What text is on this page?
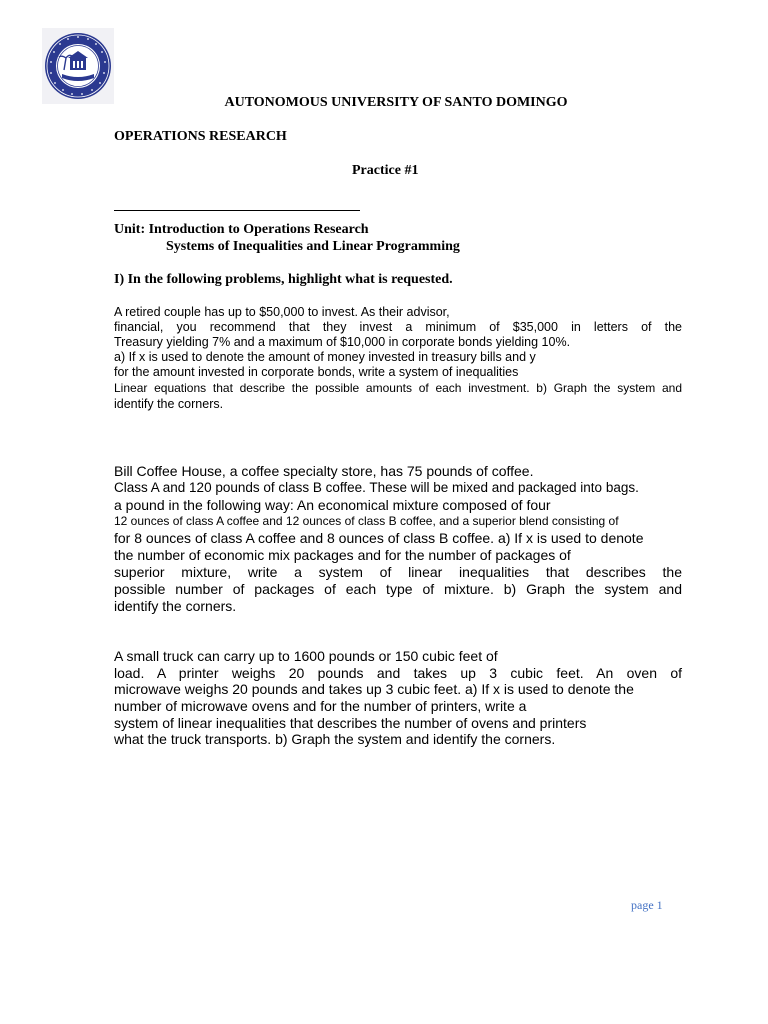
AUTONOMOUS UNIVERSITY OF SANTO DOMINGO
OPERATIONS RESEARCH
Practice #1
Unit: Introduction to Operations Research
Systems of Inequalities and Linear Programming
I) In the following problems, highlight what is requested.
A retired couple has up to $50,000 to invest. As their advisor,
financial, you recommend that they invest a minimum of $35,000 in letters of the
Treasury yielding 7% and a maximum of $10,000 in corporate bonds yielding 10%.
a) If x is used to denote the amount of money invested in treasury bills and y
for the amount invested in corporate bonds, write a system of inequalities
Linear equations that describe the possible amounts of each investment. b) Graph the system and
identify the corners.
Bill Coffee House, a coffee specialty store, has 75 pounds of coffee.
Class A and 120 pounds of class B coffee. These will be mixed and packaged into bags.
a pound in the following way: An economical mixture composed of four
12 ounces of class A coffee and 12 ounces of class B coffee, and a superior blend consisting of
for 8 ounces of class A coffee and 8 ounces of class B coffee. a) If x is used to denote
the number of economic mix packages and for the number of packages of
superior mixture, write a system of linear inequalities that describes the
possible number of packages of each type of mixture. b) Graph the system and
identify the corners.
A small truck can carry up to 1600 pounds or 150 cubic feet of
load. A printer weighs 20 pounds and takes up 3 cubic feet. An oven of
microwave weighs 20 pounds and takes up 3 cubic feet. a) If x is used to denote the
number of microwave ovens and for the number of printers, write a
system of linear inequalities that describes the number of ovens and printers
what the truck transports. b) Graph the system and identify the corners.
page 1
